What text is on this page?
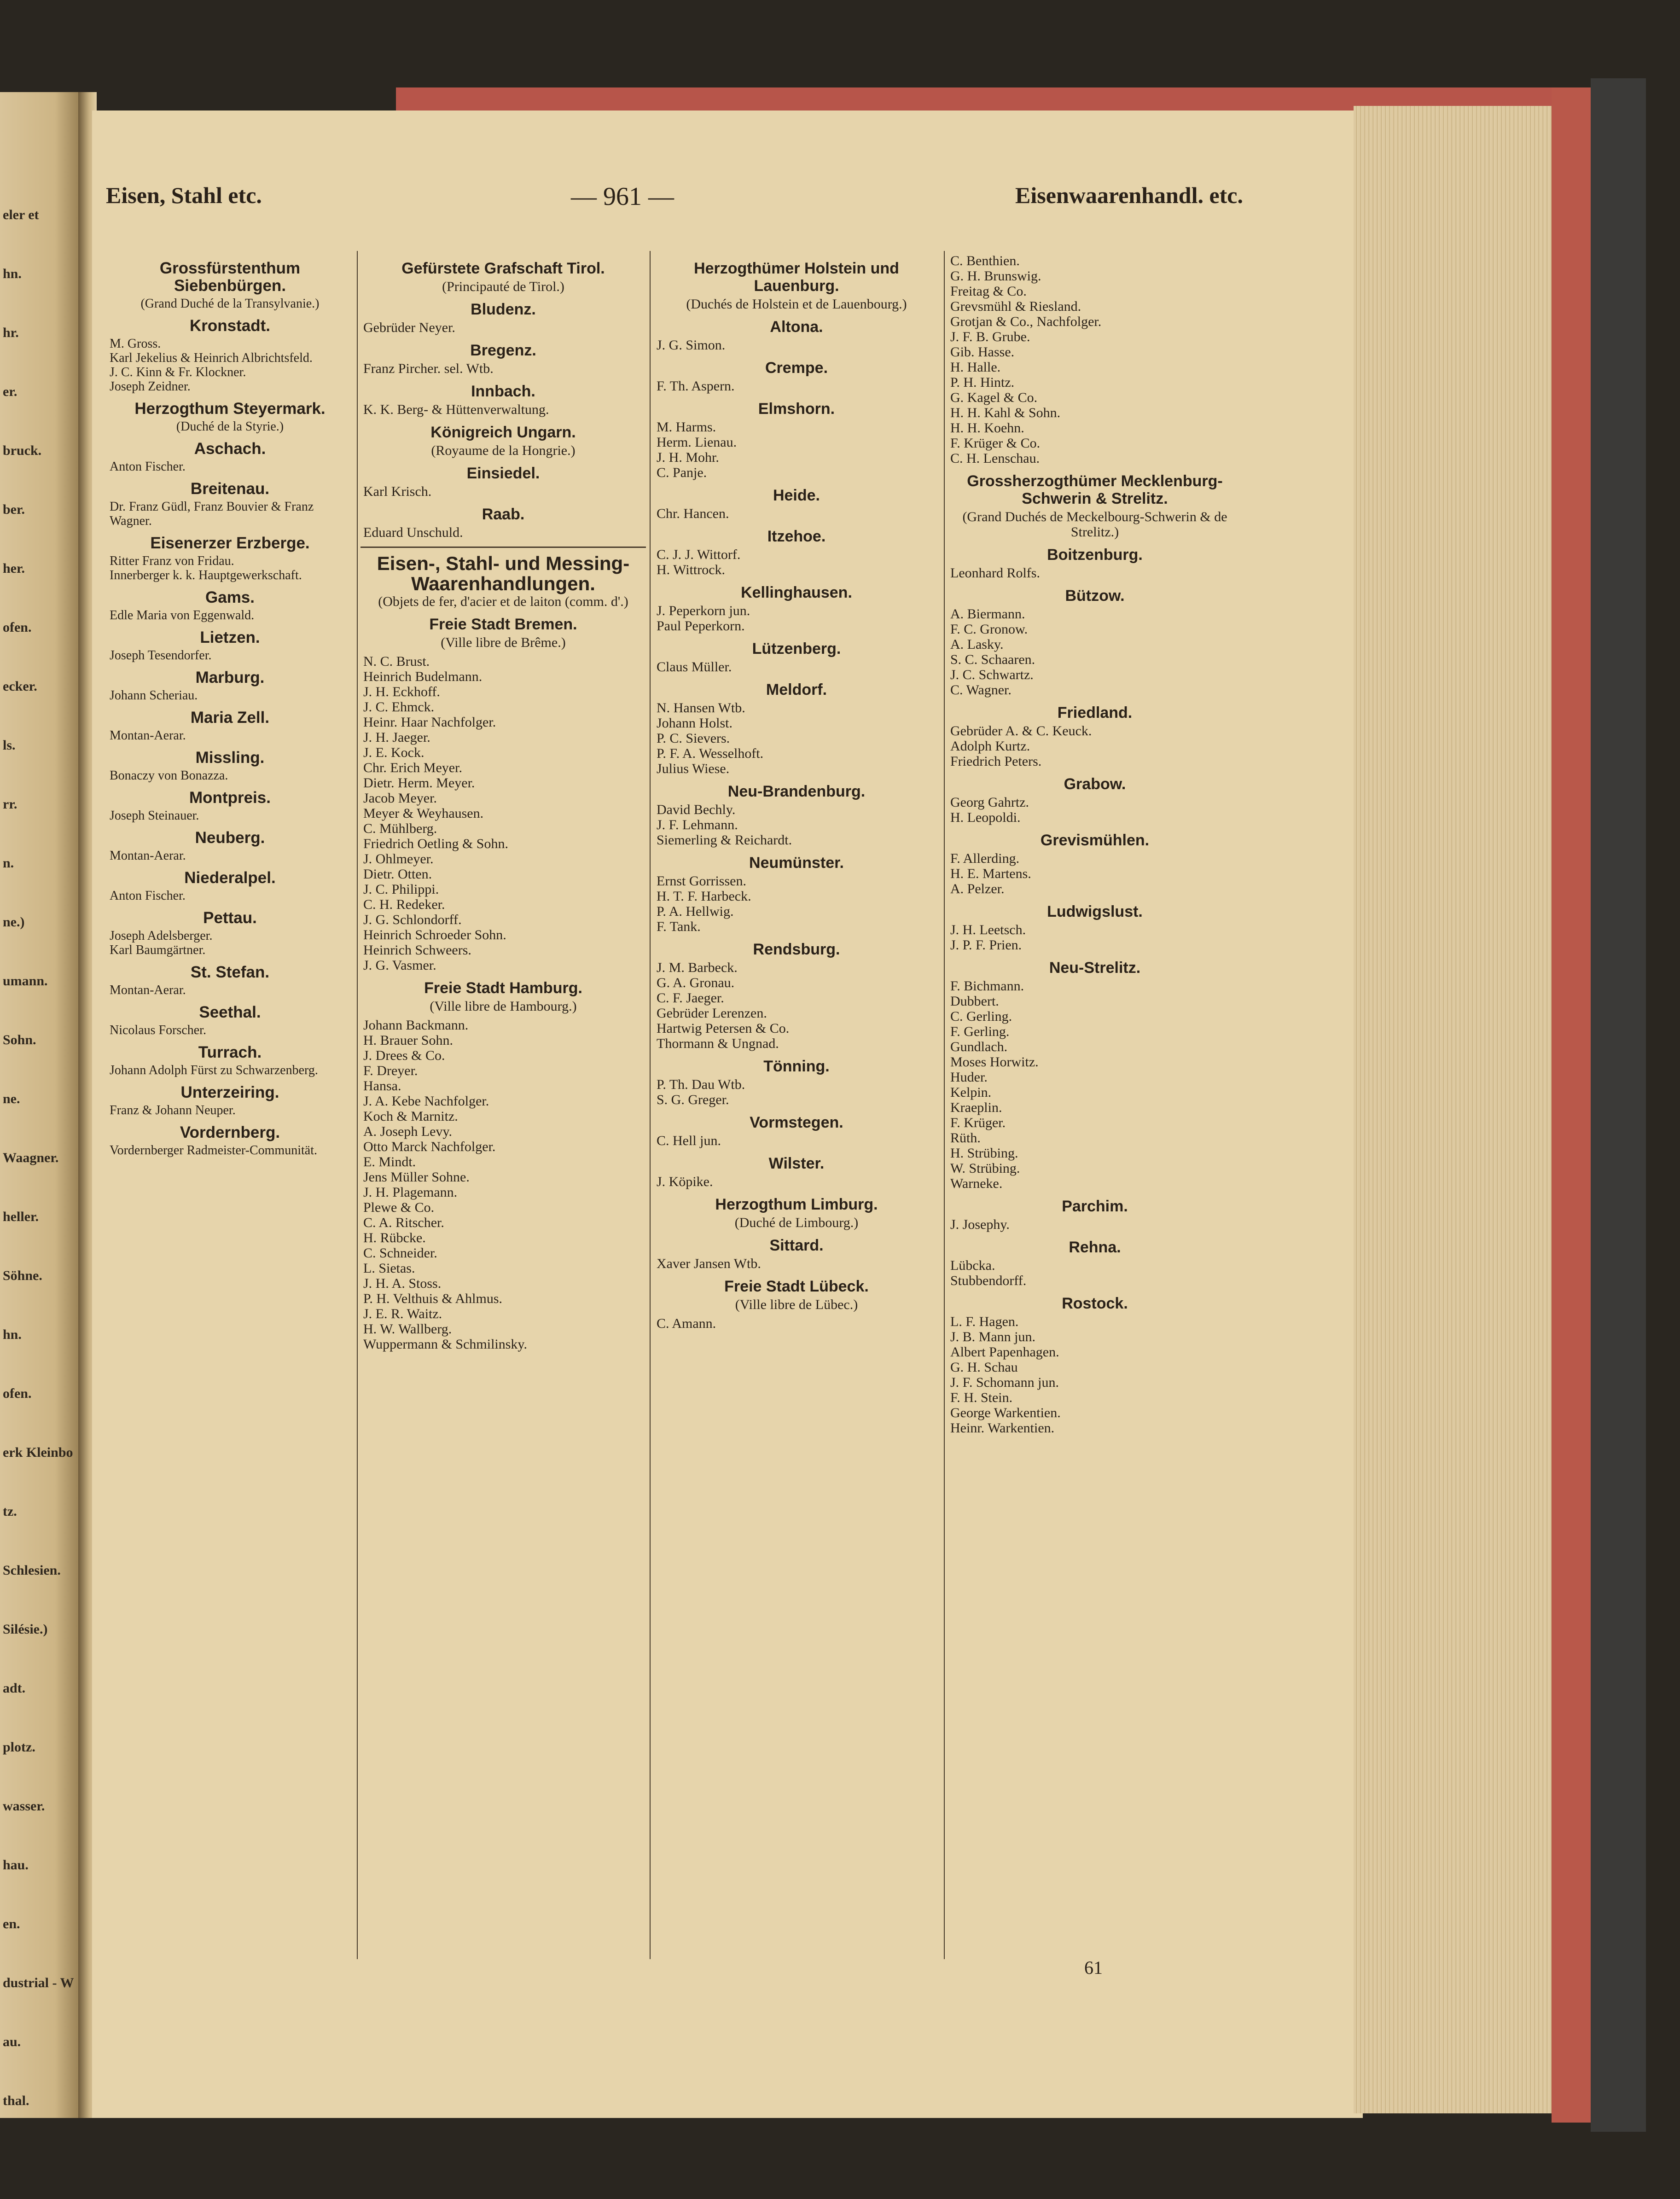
eler et
hn.
hr.
er.
bruck.
ber.
her.
ofen.
ecker.
ls.
rr.
n.
ne.)
umann.
Sohn.
ne.
Waagner.
heller.
Söhne.
hn.
ofen.
erk Kleinbo
tz.
Schlesien.
Silésie.)
adt.
plotz.
wasser.
hau.
en.
dustrial - W
au.
thal.
Eisen, Stahl etc.	— 961 —	Eisenwaarenhandl. etc.
Grossfürstenthum Siebenbürgen.
(Grand Duché de la Transylvanie.)
Kronstadt.
M. Gross.
Karl Jekelius & Heinrich Albrichtsfeld.
J. C. Kinn & Fr. Klockner.
Joseph Zeidner.
Herzogthum Steyermark.
(Duché de la Styrie.)
Aschach.
Anton Fischer.
Breitenau.
Dr. Franz Güdl, Franz Bouvier & Franz Wagner.
Eisenerzer Erzberge.
Ritter Franz von Fridau.
Innerberger k. k. Hauptgewerkschaft.
Gams.
Edle Maria von Eggenwald.
Lietzen.
Joseph Tesendorfer.
Marburg.
Johann Scheriau.
Maria Zell.
Montan-Aerar.
Missling.
Bonaczy von Bonazza.
Montpreis.
Joseph Steinauer.
Neuberg.
Montan-Aerar.
Niederalpel.
Anton Fischer.
Pettau.
Joseph Adelsberger.
Karl Baumgärtner.
St. Stefan.
Montan-Aerar.
Seethal.
Nicolaus Forscher.
Turrach.
Johann Adolph Fürst zu Schwarzenberg.
Unterzeiring.
Franz & Johann Neuper.
Vordernberg.
Vordernberger Radmeister-Communität.
Gefürstete Grafschaft Tirol.
(Principauté de Tirol.)
Bludenz.
Gebrüder Neyer.
Bregenz.
Franz Pircher. sel. Wtb.
Innbach.
K. K. Berg- & Hüttenverwaltung.
Königreich Ungarn.
(Royaume de la Hongrie.)
Einsiedel.
Karl Krisch.
Raab.
Eduard Unschuld.
Eisen-, Stahl- und Messing-Waarenhandlungen.
(Objets de fer, d'acier et de laiton (comm. d'.)
Freie Stadt Bremen.
(Ville libre de Brême.)
N. C. Brust.
Heinrich Budelmann.
J. H. Eckhoff.
J. C. Ehmck.
Heinr. Haar Nachfolger.
J. H. Jaeger.
J. E. Kock.
Chr. Erich Meyer.
Dietr. Herm. Meyer.
Jacob Meyer.
Meyer & Weyhausen.
C. Mühlberg.
Friedrich Oetling & Sohn.
J. Ohlmeyer.
Dietr. Otten.
J. C. Philippi.
C. H. Redeker.
J. G. Schlondorff.
Heinrich Schroeder Sohn.
Heinrich Schweers.
J. G. Vasmer.
Freie Stadt Hamburg.
(Ville libre de Hambourg.)
Johann Backmann.
H. Brauer Sohn.
J. Drees & Co.
F. Dreyer.
Hansa.
J. A. Kebe Nachfolger.
Koch & Marnitz.
A. Joseph Levy.
Otto Marck Nachfolger.
E. Mindt.
Jens Müller Sohne.
J. H. Plagemann.
Plewe & Co.
C. A. Ritscher.
H. Rübcke.
C. Schneider.
L. Sietas.
J. H. A. Stoss.
P. H. Velthuis & Ahlmus.
J. E. R. Waitz.
H. W. Wallberg.
Wuppermann & Schmilinsky.
Herzogthümer Holstein und Lauenburg.
(Duchés de Holstein et de Lauenbourg.)
Altona.
J. G. Simon.
Crempe.
F. Th. Aspern.
Elmshorn.
M. Harms.
Herm. Lienau.
J. H. Mohr.
C. Panje.
Heide.
Chr. Hancen.
Itzehoe.
C. J. J. Wittorf.
H. Wittrock.
Kellinghausen.
J. Peperkorn jun.
Paul Peperkorn.
Lützenberg.
Claus Müller.
Meldorf.
N. Hansen Wtb.
Johann Holst.
P. C. Sievers.
P. F. A. Wesselhoft.
Julius Wiese.
Neu-Brandenburg.
David Bechly.
J. F. Lehmann.
Siemerling & Reichardt.
Neumünster.
Ernst Gorrissen.
H. T. F. Harbeck.
P. A. Hellwig.
F. Tank.
Rendsburg.
J. M. Barbeck.
G. A. Gronau.
C. F. Jaeger.
Gebrüder Lerenzen.
Hartwig Petersen & Co.
Thormann & Ungnad.
Tönning.
P. Th. Dau Wtb.
S. G. Greger.
Vormstegen.
C. Hell jun.
Wilster.
J. Köpike.
Herzogthum Limburg.
(Duché de Limbourg.)
Sittard.
Xaver Jansen Wtb.
Freie Stadt Lübeck.
(Ville libre de Lübec.)
C. Amann.
C. Benthien.
G. H. Brunswig.
Freitag & Co.
Grevsmühl & Riesland.
Grotjan & Co., Nachfolger.
J. F. B. Grube.
Gib. Hasse.
H. Halle.
P. H. Hintz.
G. Kagel & Co.
H. H. Kahl & Sohn.
H. H. Koehn.
F. Krüger & Co.
C. H. Lenschau.
Grossherzogthümer Mecklenburg-Schwerin & Strelitz.
(Grand Duchés de Meckelbourg-Schwerin & de Strelitz.)
Boitzenburg.
Leonhard Rolfs.
Bützow.
A. Biermann.
F. C. Gronow.
A. Lasky.
S. C. Schaaren.
J. C. Schwartz.
C. Wagner.
Friedland.
Gebrüder A. & C. Keuck.
Adolph Kurtz.
Friedrich Peters.
Grabow.
Georg Gahrtz.
H. Leopoldi.
Grevismühlen.
F. Allerding.
H. E. Martens.
A. Pelzer.
Ludwigslust.
J. H. Leetsch.
J. P. F. Prien.
Neu-Strelitz.
F. Bichmann.
Dubbert.
C. Gerling.
F. Gerling.
Gundlach.
Moses Horwitz.
Huder.
Kelpin.
Kraeplin.
F. Krüger.
Rüth.
H. Strübing.
W. Strübing.
Warneke.
Parchim.
J. Josephy.
Rehna.
Lübcka.
Stubbendorff.
Rostock.
L. F. Hagen.
J. B. Mann jun.
Albert Papenhagen.
G. H. Schau
J. F. Schomann jun.
F. H. Stein.
George Warkentien.
Heinr. Warkentien.
61
